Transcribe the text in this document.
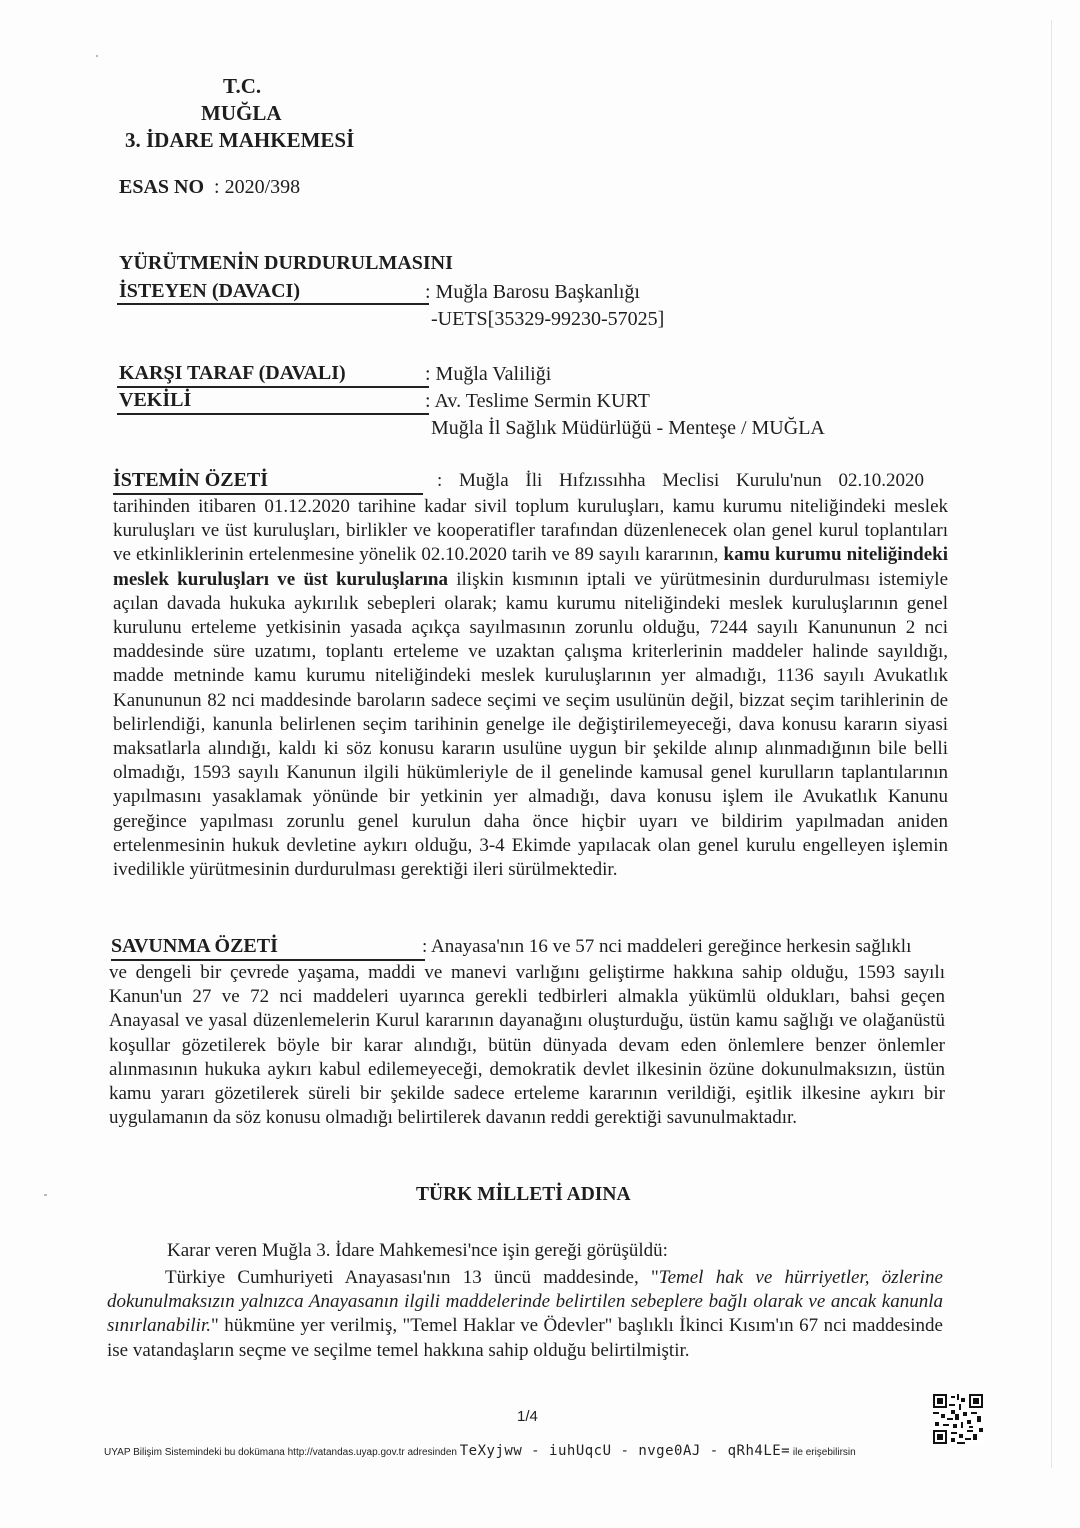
T.C.
MUĞLA
3. İDARE MAHKEMESİ
ESAS NO : 2020/398
YÜRÜTMENİN DURDURULMASINI
İSTEYEN (DAVACI)	: Muğla Barosu Başkanlığı
-UETS[35329-99230-57025]
KARŞI TARAF (DAVALI)	: Muğla Valiliği
VEKİLİ	: Av. Teslime Sermin KURT
Muğla İl Sağlık Müdürlüğü - Menteşe / MUĞLA
İSTEMİN ÖZETİ	: Muğla İli Hıfzıssıhha Meclisi Kurulu'nun 02.10.2020

tarihinden itibaren 01.12.2020 tarihine kadar sivil toplum kuruluşları, kamu kurumu niteliğindeki meslek kuruluşları ve üst kuruluşları, birlikler ve kooperatifler tarafından düzenlenecek olan genel kurul toplantıları ve etkinliklerinin ertelenmesine yönelik 02.10.2020 tarih ve 89 sayılı kararının, kamu kurumu niteliğindeki meslek kuruluşları ve üst kuruluşlarına ilişkin kısmının iptali ve yürütmesinin durdurulması istemiyle açılan davada hukuka aykırılık sebepleri olarak; kamu kurumu niteliğindeki meslek kuruluşlarının genel kurulunu erteleme yetkisinin yasada açıkça sayılmasının zorunlu olduğu, 7244 sayılı Kanununun 2 nci maddesinde süre uzatımı, toplantı erteleme ve uzaktan çalışma kriterlerinin maddeler halinde sayıldığı, madde metninde kamu kurumu niteliğindeki meslek kuruluşlarının yer almadığı, 1136 sayılı Avukatlık Kanununun 82 nci maddesinde baroların sadece seçimi ve seçim usulünün değil, bizzat seçim tarihlerinin de belirlendiği, kanunla belirlenen seçim tarihinin genelge ile değiştirilemeyeceği, dava konusu kararın siyasi maksatlarla alındığı, kaldı ki söz konusu kararın usulüne uygun bir şekilde alınıp alınmadığının bile belli olmadığı, 1593 sayılı Kanunun ilgili hükümleriyle de il genelinde kamusal genel kurulların taplantılarının yapılmasını yasaklamak yönünde bir yetkinin yer almadığı, dava konusu işlem ile Avukatlık Kanunu gereğince yapılması zorunlu genel kurulun daha önce hiçbir uyarı ve bildirim yapılmadan aniden ertelenmesinin hukuk devletine aykırı olduğu, 3-4 Ekimde yapılacak olan genel kurulu engelleyen işlemin ivedilikle yürütmesinin durdurulması gerektiği ileri sürülmektedir.

SAVUNMA ÖZETİ	: Anayasa'nın 16 ve 57 nci maddeleri gereğince herkesin sağlıklı

ve dengeli bir çevrede yaşama, maddi ve manevi varlığını geliştirme hakkına sahip olduğu, 1593 sayılı Kanun'un 27 ve 72 nci maddeleri uyarınca gerekli tedbirleri almakla yükümlü oldukları, bahsi geçen Anayasal ve yasal düzenlemelerin Kurul kararının dayanağını oluşturduğu, üstün kamu sağlığı ve olağanüstü koşullar gözetilerek böyle bir karar alındığı, bütün dünyada devam eden önlemlere benzer önlemler alınmasının hukuka aykırı kabul edilemeyeceği, demokratik devlet ilkesinin özüne dokunulmaksızın, üstün kamu yararı gözetilerek süreli bir şekilde sadece erteleme kararının verildiği, eşitlik ilkesine aykırı bir uygulamanın da söz konusu olmadığı belirtilerek davanın reddi gerektiği savunulmaktadır.

TÜRK MİLLETİ ADINA
Karar veren Muğla 3. İdare Mahkemesi'nce işin gereği görüşüldü:

Türkiye Cumhuriyeti Anayasası'nın 13 üncü maddesinde, "Temel hak ve hürriyetler, özlerine dokunulmaksızın yalnızca Anayasanın ilgili maddelerinde belirtilen sebeplere bağlı olarak ve ancak kanunla sınırlanabilir." hükmüne yer verilmiş, "Temel Haklar ve Ödevler" başlıklı İkinci Kısım'ın 67 nci maddesinde ise vatandaşların seçme ve seçilme temel hakkına sahip olduğu belirtilmiştir.

1/4
UYAP Bilişim Sistemindeki bu dokümana http://vatandas.uyap.gov.tr adresinden TeXyjww - iuhUqcU - nvge0AJ - qRh4LE= ile erişebilirsin
